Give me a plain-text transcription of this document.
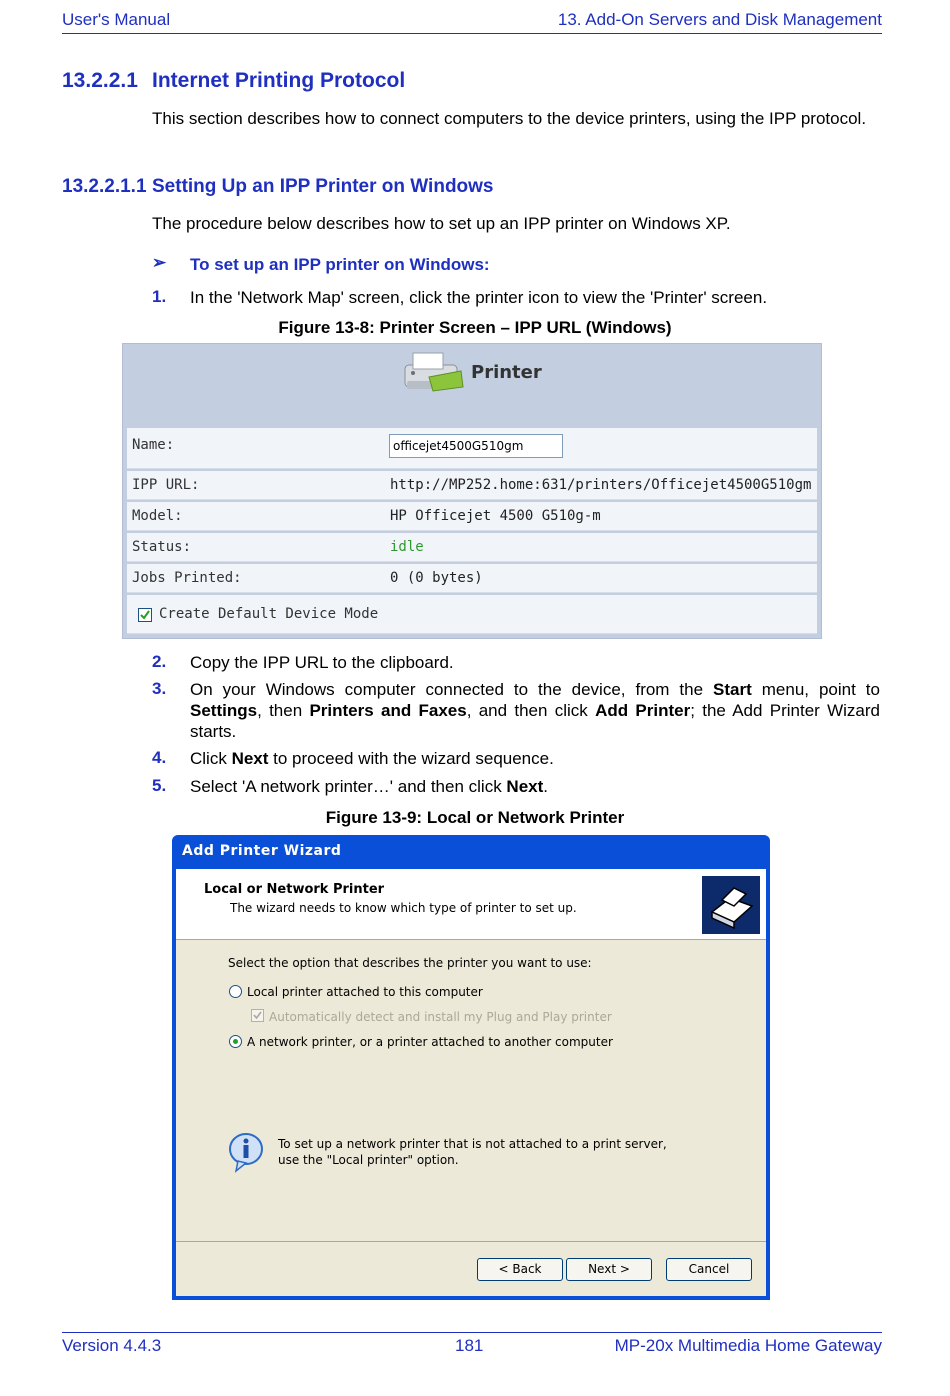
User's Manual	13. Add-On Servers and Disk Management
13.2.2.1 Internet Printing Protocol
This section describes how to connect computers to the device printers, using the IPP protocol.
13.2.2.1.1 Setting Up an IPP Printer on Windows
The procedure below describes how to set up an IPP printer on Windows XP.
➢ To set up an IPP printer on Windows:
1. In the 'Network Map' screen, click the printer icon to view the 'Printer' screen.
Figure 13-8: Printer Screen – IPP URL (Windows)
Printer
Name:	officejet4500G510gm
IPP URL:	http://MP252.home:631/printers/Officejet4500G510gm
Model:	HP Officejet 4500 G510g-m
Status:	idle
Jobs Printed:	0 (0 bytes)
Create Default Device Mode
2. Copy the IPP URL to the clipboard.
3. On your Windows computer connected to the device, from the Start menu, point to Settings, then Printers and Faxes, and then click Add Printer; the Add Printer Wizard starts.
4. Click Next to proceed with the wizard sequence.
5. Select 'A network printer…' and then click Next.
Figure 13-9: Local or Network Printer
Add Printer Wizard
Local or Network Printer
The wizard needs to know which type of printer to set up.
Select the option that describes the printer you want to use:
Local printer attached to this computer
Automatically detect and install my Plug and Play printer
A network printer, or a printer attached to another computer
To set up a network printer that is not attached to a print server,
use the "Local printer" option.
< Back	Next >	Cancel
Version 4.4.3	181	MP-20x Multimedia Home Gateway
